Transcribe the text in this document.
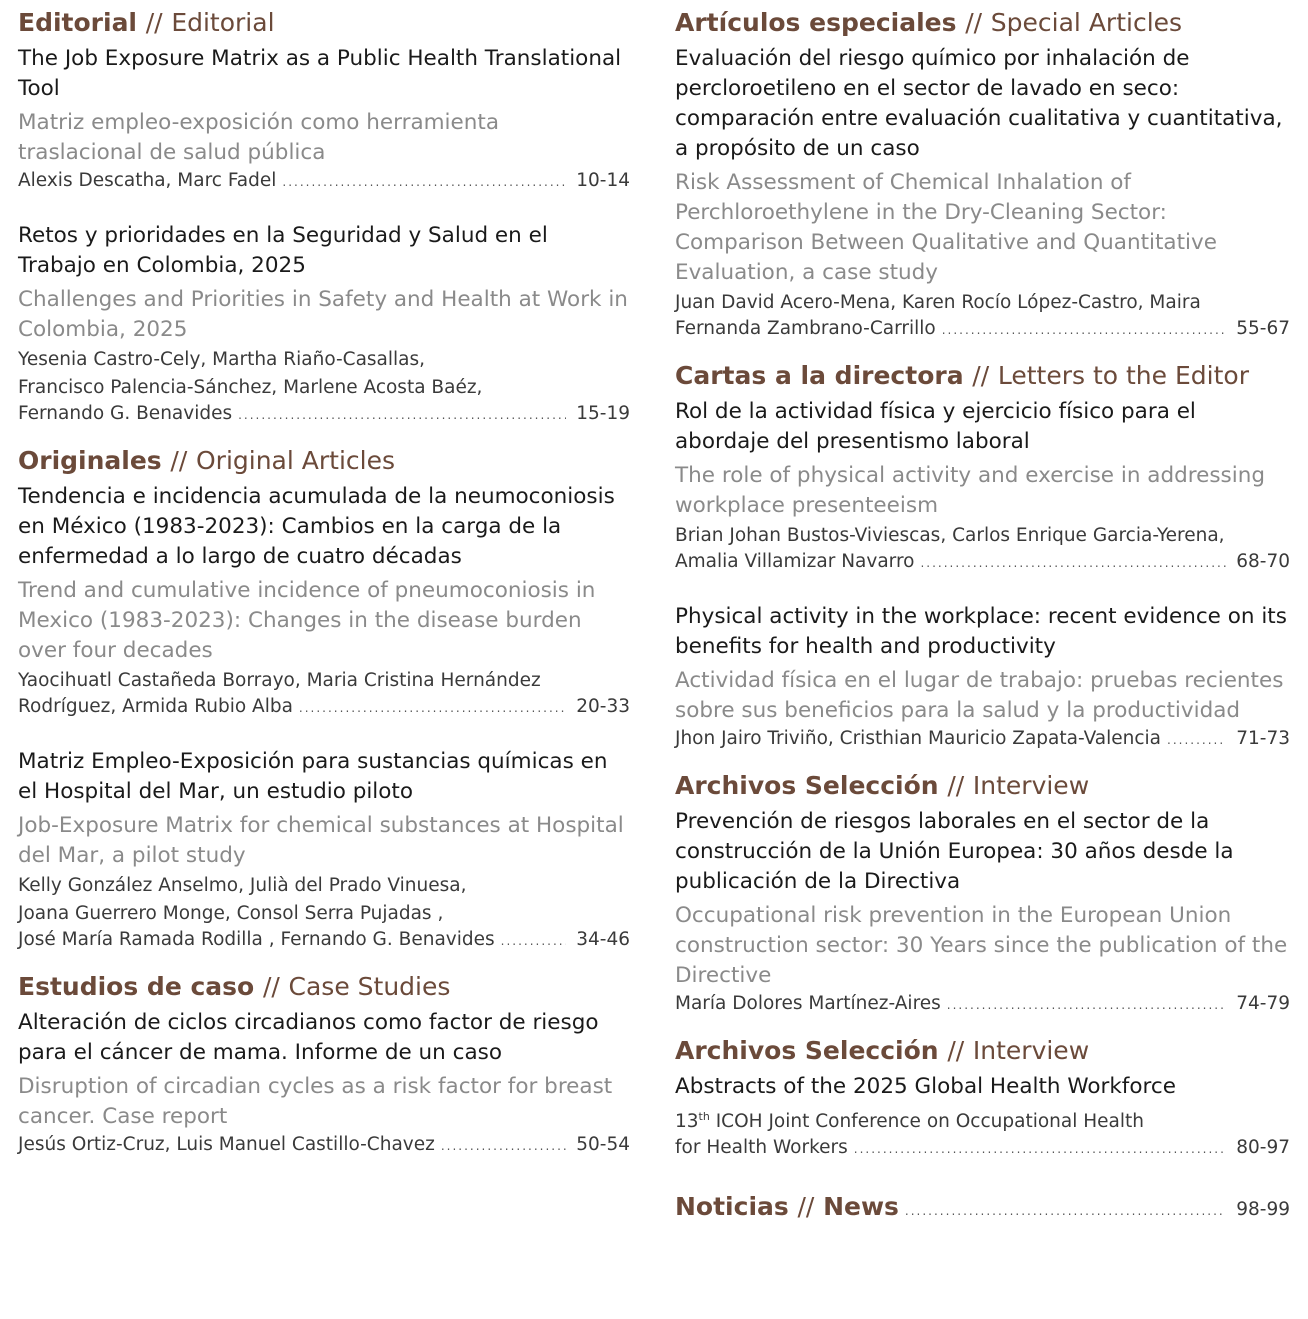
Editorial // Editorial
The Job Exposure Matrix as a Public Health Translational Tool
Matriz empleo-exposición como herramienta traslacional de salud pública
Alexis Descatha, Marc Fadel .....	10-14
Retos y prioridades en la Seguridad y Salud en el Trabajo en Colombia, 2025
Challenges and Priorities in Safety and Health at Work in Colombia, 2025
Yesenia Castro-Cely, Martha Riaño-Casallas,
Francisco Palencia-Sánchez, Marlene Acosta Baéz,
Fernando G. Benavides .....	15-19
Originales // Original Articles
Tendencia e incidencia acumulada de la neumoconiosis en México (1983-2023): Cambios en la carga de la enfermedad a lo largo de cuatro décadas
Trend and cumulative incidence of pneumoconiosis in Mexico (1983-2023): Changes in the disease burden over four decades
Yaocihuatl Castañeda Borrayo, Maria Cristina Hernández
Rodríguez, Armida Rubio Alba .....	20-33
Matriz Empleo-Exposición para sustancias químicas en el Hospital del Mar, un estudio piloto
Job-Exposure Matrix for chemical substances at Hospital del Mar, a pilot study
Kelly González Anselmo, Julià del Prado Vinuesa,
Joana Guerrero Monge, Consol Serra Pujadas ,
José María Ramada Rodilla , Fernando G. Benavides .....	34-46
Estudios de caso // Case Studies
Alteración de ciclos circadianos como factor de riesgo para el cáncer de mama. Informe de un caso
Disruption of circadian cycles as a risk factor for breast cancer. Case report
Jesús Ortiz-Cruz, Luis Manuel Castillo-Chavez .....	50-54
Artículos especiales // Special Articles
Evaluación del riesgo químico por inhalación de percloroetileno en el sector de lavado en seco: comparación entre evaluación cualitativa y cuantitativa, a propósito de un caso
Risk Assessment of Chemical Inhalation of Perchloroethylene in the Dry-Cleaning Sector: Comparison Between Qualitative and Quantitative Evaluation, a case study
Juan David Acero-Mena, Karen Rocío López-Castro, Maira
Fernanda Zambrano-Carrillo .....	55-67
Cartas a la directora // Letters to the Editor
Rol de la actividad física y ejercicio físico para el abordaje del presentismo laboral
The role of physical activity and exercise in addressing workplace presenteeism
Brian Johan Bustos-Viviescas, Carlos Enrique Garcia-Yerena,
Amalia Villamizar Navarro .....	68-70
Physical activity in the workplace: recent evidence on its benefits for health and productivity
Actividad física en el lugar de trabajo: pruebas recientes sobre sus beneficios para la salud y la productividad
Jhon Jairo Triviño, Cristhian Mauricio Zapata-Valencia .....	71-73
Archivos Selección // Interview
Prevención de riesgos laborales en el sector de la construcción de la Unión Europea: 30 años desde la publicación de la Directiva
Occupational risk prevention in the European Union construction sector: 30 Years since the publication of the Directive
María Dolores Martínez-Aires .....	74-79
Archivos Selección // Interview
Abstracts of the 2025 Global Health Workforce
13th ICOH Joint Conference on Occupational Health
for Health Workers .....	80-97
Noticias // News .....	98-99
